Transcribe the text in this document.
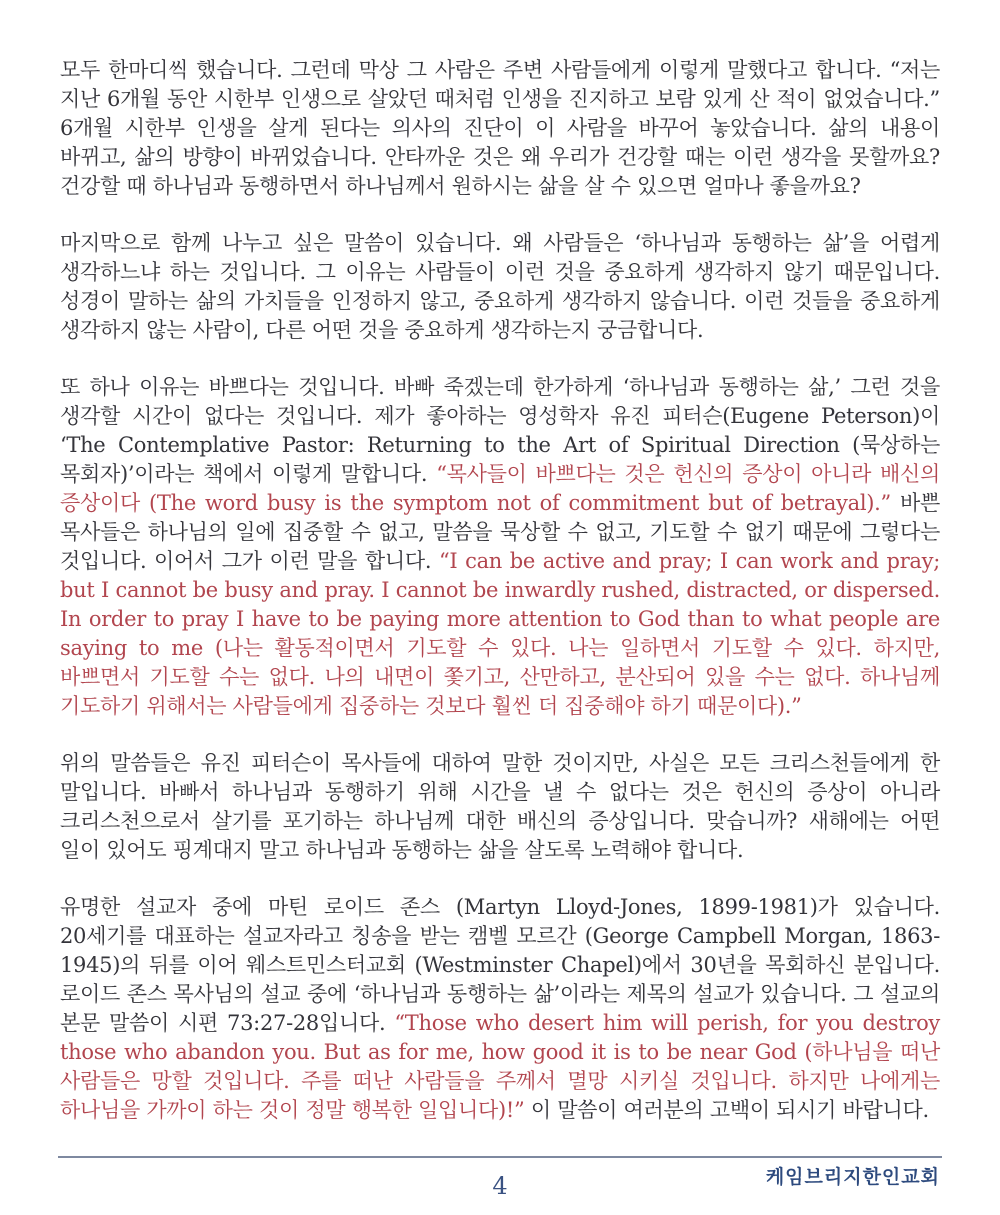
모두 한마디씩 했습니다. 그런데 막상 그 사람은 주변 사람들에게 이렇게 말했다고 합니다. “저는 지난 6개월 동안 시한부 인생으로 살았던 때처럼 인생을 진지하고 보람 있게 산 적이 없었습니다.” 6개월 시한부 인생을 살게 된다는 의사의 진단이 이 사람을 바꾸어 놓았습니다. 삶의 내용이 바뀌고, 삶의 방향이 바뀌었습니다. 안타까운 것은 왜 우리가 건강할 때는 이런 생각을 못할까요? 건강할 때 하나님과 동행하면서 하나님께서 원하시는 삶을 살 수 있으면 얼마나 좋을까요?

마지막으로 함께 나누고 싶은 말씀이 있습니다. 왜 사람들은 ‘하나님과 동행하는 삶’을 어렵게 생각하느냐 하는 것입니다. 그 이유는 사람들이 이런 것을 중요하게 생각하지 않기 때문입니다. 성경이 말하는 삶의 가치들을 인정하지 않고, 중요하게 생각하지 않습니다. 이런 것들을 중요하게 생각하지 않는 사람이, 다른 어떤 것을 중요하게 생각하는지 궁금합니다.

또 하나 이유는 바쁘다는 것입니다. 바빠 죽겠는데 한가하게 ‘하나님과 동행하는 삶,’ 그런 것을 생각할 시간이 없다는 것입니다. 제가 좋아하는 영성학자 유진 피터슨(Eugene Peterson)이 ‘The Contemplative Pastor: Returning to the Art of Spiritual Direction (묵상하는 목회자)’이라는 책에서 이렇게 말합니다. “목사들이 바쁘다는 것은 헌신의 증상이 아니라 배신의 증상이다 (The word busy is the symptom not of commitment but of betrayal).” 바쁜 목사들은 하나님의 일에 집중할 수 없고, 말씀을 묵상할 수 없고, 기도할 수 없기 때문에 그렇다는 것입니다. 이어서 그가 이런 말을 합니다. “I can be active and pray; I can work and pray; but I cannot be busy and pray. I cannot be inwardly rushed, distracted, or dispersed. In order to pray I have to be paying more attention to God than to what people are saying to me (나는 활동적이면서 기도할 수 있다. 나는 일하면서 기도할 수 있다. 하지만, 바쁘면서 기도할 수는 없다. 나의 내면이 쫓기고, 산만하고, 분산되어 있을 수는 없다. 하나님께 기도하기 위해서는 사람들에게 집중하는 것보다 훨씬 더 집중해야 하기 때문이다).”

위의 말씀들은 유진 피터슨이 목사들에 대하여 말한 것이지만, 사실은 모든 크리스천들에게 한 말입니다. 바빠서 하나님과 동행하기 위해 시간을 낼 수 없다는 것은 헌신의 증상이 아니라 크리스천으로서 살기를 포기하는 하나님께 대한 배신의 증상입니다. 맞습니까? 새해에는 어떤 일이 있어도 핑계대지 말고 하나님과 동행하는 삶을 살도록 노력해야 합니다.

유명한 설교자 중에 마틴 로이드 존스 (Martyn Lloyd-Jones, 1899-1981)가 있습니다. 20세기를 대표하는 설교자라고 칭송을 받는 캠벨 모르간 (George Campbell Morgan, 1863-1945)의 뒤를 이어 웨스트민스터교회 (Westminster Chapel)에서 30년을 목회하신 분입니다. 로이드 존스 목사님의 설교 중에 ‘하나님과 동행하는 삶’이라는 제목의 설교가 있습니다. 그 설교의 본문 말씀이 시편 73:27-28입니다. “Those who desert him will perish, for you destroy those who abandon you. But as for me, how good it is to be near God (하나님을 떠난 사람들은 망할 것입니다. 주를 떠난 사람들을 주께서 멸망 시키실 것입니다. 하지만 나에게는 하나님을 가까이 하는 것이 정말 행복한 일입니다)!” 이 말씀이 여러분의 고백이 되시기 바랍니다.

케임브리지한인교회
4
